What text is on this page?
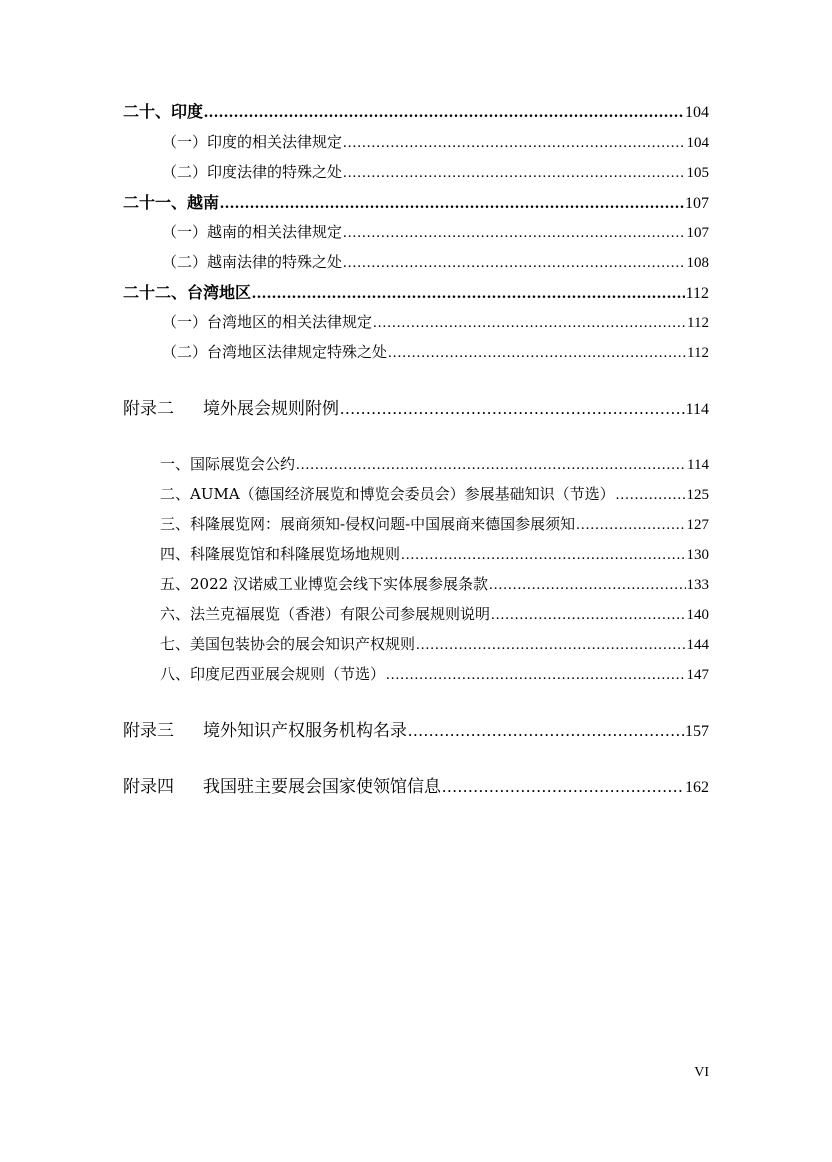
二十、印度 .....	104
（一）印度的相关法律规定 .....	104
（二）印度法律的特殊之处 .....	105
二十一、越南 .....	107
（一）越南的相关法律规定 .....	107
（二）越南法律的特殊之处 .....	108
二十二、台湾地区 .....	112
（一）台湾地区的相关法律规定 .....	112
（二）台湾地区法律规定特殊之处 .....	112
附录二 境外展会规则附例 .....	114
一、国际展览会公约 .....	114
二、AUMA（德国经济展览和博览会委员会）参展基础知识（节选） .....	125
三、科隆展览网：展商须知-侵权问题-中国展商来德国参展须知 .....	127
四、科隆展览馆和科隆展览场地规则 .....	130
五、2022 汉诺威工业博览会线下实体展参展条款 .....	133
六、法兰克福展览（香港）有限公司参展规则说明 .....	140
七、美国包装协会的展会知识产权规则 .....	144
八、印度尼西亚展会规则（节选） .....	147
附录三 境外知识产权服务机构名录 .....	157
附录四 我国驻主要展会国家使领馆信息 .....	162
VI
